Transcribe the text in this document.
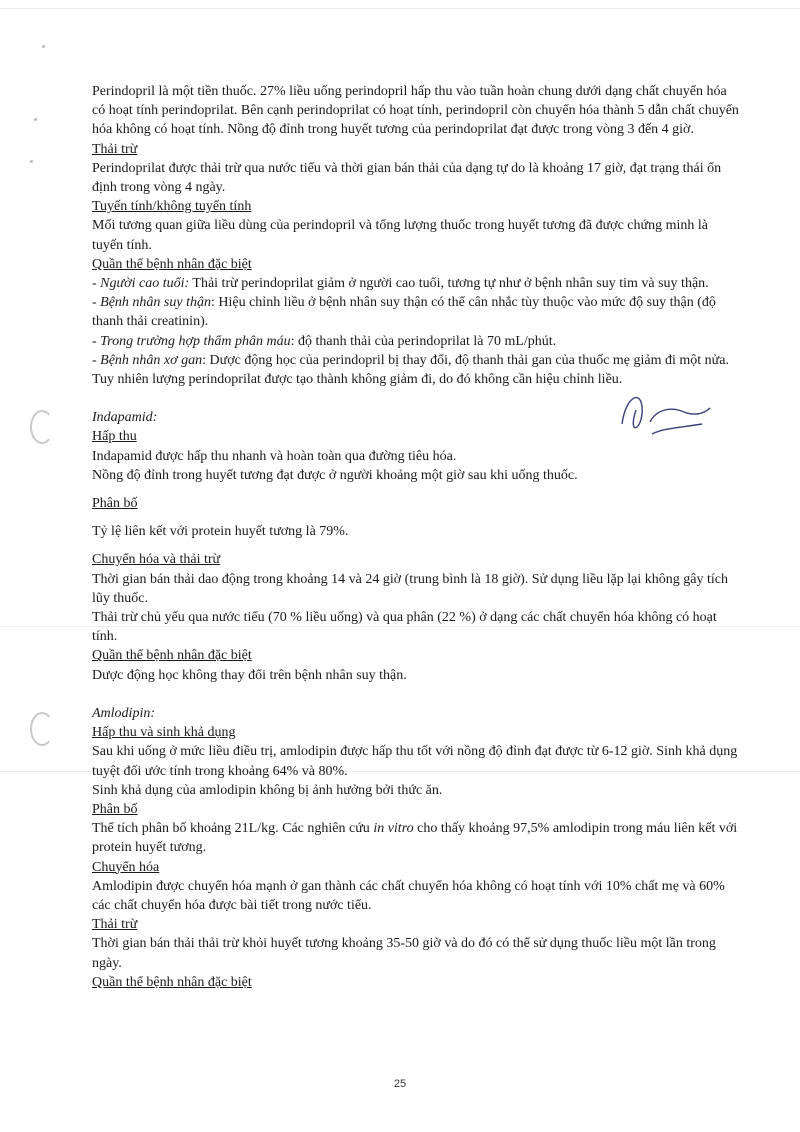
Perindopril là một tiền thuốc. 27% liều uống perindopril hấp thu vào tuần hoàn chung dưới dạng chất chuyển hóa có hoạt tính perindoprilat. Bên cạnh perindoprilat có hoạt tính, perindopril còn chuyển hóa thành 5 dẫn chất chuyển hóa không có hoạt tính. Nồng độ đỉnh trong huyết tương của perindoprilat đạt được trong vòng 3 đến 4 giờ.

Thải trừ

Perindoprilat được thải trừ qua nước tiểu và thời gian bán thải của dạng tự do là khoảng 17 giờ, đạt trạng thái ổn định trong vòng 4 ngày.

Tuyến tính/không tuyến tính

Mối tương quan giữa liều dùng của perindopril và tổng lượng thuốc trong huyết tương đã được chứng minh là tuyến tính.

Quần thể bệnh nhân đặc biệt

- Người cao tuổi: Thải trừ perindoprilat giảm ở người cao tuổi, tương tự như ở bệnh nhân suy tim và suy thận.

- Bệnh nhân suy thận: Hiệu chỉnh liều ở bệnh nhân suy thận có thể cân nhắc tùy thuộc vào mức độ suy thận (độ thanh thải creatinin).

- Trong trường hợp thẩm phân máu: độ thanh thải của perindoprilat là 70 mL/phút.

- Bệnh nhân xơ gan: Dược động học của perindopril bị thay đổi, độ thanh thải gan của thuốc mẹ giảm đi một nửa. Tuy nhiên lượng perindoprilat được tạo thành không giảm đi, do đó không cần hiệu chỉnh liều.

Indapamid:

Hấp thu

Indapamid được hấp thu nhanh và hoàn toàn qua đường tiêu hóa.

Nồng độ đỉnh trong huyết tương đạt được ở người khoảng một giờ sau khi uống thuốc.

Phân bố

Tỷ lệ liên kết với protein huyết tương là 79%.

Chuyển hóa và thải trừ

Thời gian bán thải dao động trong khoảng 14 và 24 giờ (trung bình là 18 giờ). Sử dụng liều lặp lại không gây tích lũy thuốc.

Thải trừ chủ yếu qua nước tiểu (70 % liều uống) và qua phân (22 %) ở dạng các chất chuyển hóa không có hoạt tính.

Quần thể bệnh nhân đặc biệt

Dược động học không thay đổi trên bệnh nhân suy thận.

Amlodipin:

Hấp thu và sinh khả dụng

Sau khi uống ở mức liều điều trị, amlodipin được hấp thu tốt với nồng độ đỉnh đạt được từ 6-12 giờ. Sinh khả dụng tuyệt đối ước tính trong khoảng 64% và 80%.

Sinh khả dụng của amlodipin không bị ảnh hưởng bởi thức ăn.

Phân bố

Thể tích phân bố khoảng 21L/kg. Các nghiên cứu in vitro cho thấy khoảng 97,5% amlodipin trong máu liên kết với protein huyết tương.

Chuyển hóa

Amlodipin được chuyển hóa mạnh ở gan thành các chất chuyển hóa không có hoạt tính với 10% chất mẹ và 60% các chất chuyển hóa được bài tiết trong nước tiểu.

Thải trừ

Thời gian bán thải thải trừ khỏi huyết tương khoảng 35-50 giờ và do đó có thể sử dụng thuốc liều một lần trong ngày.

Quần thể bệnh nhân đặc biệt

25
